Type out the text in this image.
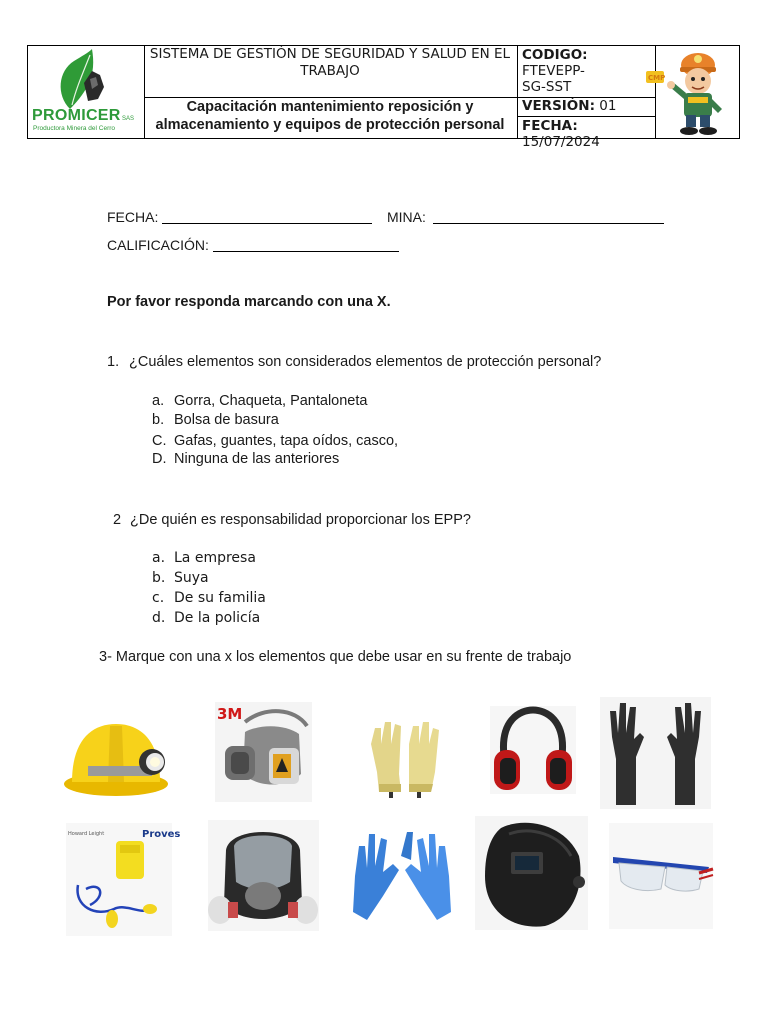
PROMICER SAS
Productora Minera del Cerro
SISTEMA DE GESTIÓN DE SEGURIDAD Y SALUD EN EL TRABAJO
Capacitación mantenimiento reposición y almacenamiento y equipos de protección personal
CODIGO:
FTEVEPP-SG-SST
VERSIÓN: 01
FECHA:
15/07/2024
CMP
FECHA:	MINA:
CALIFICACIÓN:
Por favor responda marcando con una X.
1. ¿Cuáles elementos son considerados elementos de protección personal?
a. Gorra, Chaqueta, Pantaloneta
b. Bolsa de basura
C. Gafas, guantes, tapa oídos, casco,
D. Ninguna de las anteriores
2 ¿De quién es responsabilidad proporcionar los EPP?
a. La empresa
b. Suya
c. De su familia
d. De la policía
3- Marque con una x los elementos que debe usar en su frente de trabajo
3M
Howard Leight	Proves
